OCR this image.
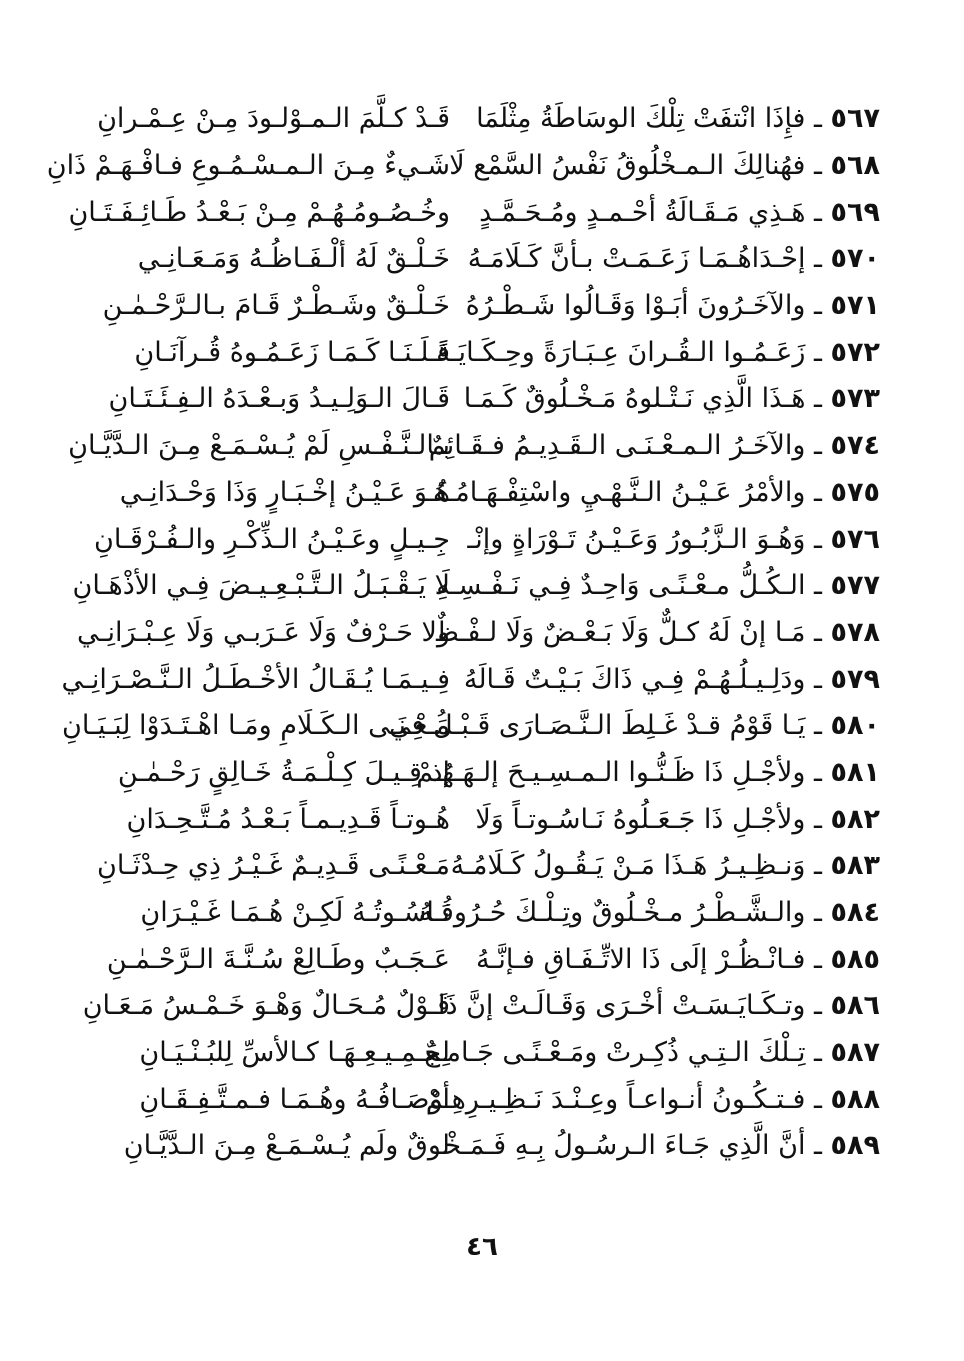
٥٦٧ ـ فإِذَا انْتفَتْ تِلْكَ الوسَاطَةُ مِثْلَمَا
قَـدْ كـلَّمَ الـمـوْلـودَ مِـنْ عِـمْـرانِ
٥٦٨ ـ فهُنالِكَ الـمـخْلُوقُ نَفْسُ السَّمْع لَا
شَـيءٌ مِـنَ الـمـسْـمُـوعِ فـافْـهَـمْ ذَانِ
٥٦٩ ـ هَـذِي مَـقَـالَةُ أحْـمـدٍ ومُـحَـمَّـدٍ
وخُـصُـومُـهُـمْ مِـنْ بَـعْـدُ طَـائِـفَـتَـانِ
٥٧٠ ـ إحْـدَاهُـمَـا زَعَـمَـتْ بـأنَّ كَـلَامَـهُ
خَـلْـقٌ لَهُ ألْـفَـاظُـهُ وَمَـعَـانِـي
٥٧١ ـ والآخَـرُونَ أبَـوْا وَقَـالُوا شَـطْـرُهُ
خَـلْـقٌ وشَـطْـرٌ قَـامَ بـالـرَّحْـمٰـنِ
٥٧٢ ـ زَعَـمُـوا الـقُـرانَ عِـبَـارَةً وحِـكَـايَـةً
فَـلَـنَـا كَـمَـا زَعَـمُـوهُ قُـرآنَـانِ
٥٧٣ ـ هَـذَا الَّذِي نَـتْـلوهُ مَـخْـلُوقٌ كَـمَـا
قَـالَ الـوَلِـيـدُ وَبـعْـدَهُ الـفِـئَـتَـانِ
٥٧٤ ـ والآخَـرُ الـمـعْـنَـى الـقَـدِيـمُ فـقَـائِمٌ
بـالـنَّـفْـسِ لَمْ يُـسْـمَـعْ مِـنَ الـدَّيَّـانِ
٥٧٥ ـ والأمْرُ عَـيْـنُ الـنَّـهْـيِ واسْتِفْـهَـامُـهُ
هُـوَ عَـيْـنُ إخْـبَـارٍ وَذَا وَحْـدَانِـي
٥٧٦ ـ وَهُـوَ الـزَّبُـورُ وَعَـيْـنُ تَـوْرَاةٍ وإنْـ
جِـيـلٍ وعَـيْـنُ الـذِّكْـرِ والـفُـرْقَـانِ
٥٧٧ ـ الـكُـلُّ مـعْـنًـى وَاحِـدٌ فِـي نَـفْـسِـهِ
لَا يَـقْـبَـلُ الـتَّـبْـعِـيـضَ فِـي الأذْهَـانِ
٥٧٨ ـ مَـا إنْ لَهُ كـلٌّ وَلَا بَـعْـضٌ وَلَا لـفْـظٌ
ولا حَـرْفٌ وَلَا عَـرَبـي وَلَا عِـبْـرَانِـي
٥٧٩ ـ ودَلِـيـلُـهُـمْ فِـي ذَاكَ بَـيْـتٌ قَـالَهُ
فِـيـمَـا يُـقَـالُ الأخْـطَـلُ الـنَّـصْـرَانِـي
٥٨٠ ـ يَـا قَوْمُ قـدْ غَـلِطَ الـنَّـصَـارَى قَـبْـلُ فِي
مَـعْـنَـى الـكَـلَامِ ومَـا اهْـتَـدَوْا لِبَـيَـانِ
٥٨١ ـ ولأجْـلِ ذَا ظَـنُّـوا الـمـسِـيـحَ إلـهَـهُـمْ
إذ قِـيـلَ كِـلْـمَـةُ خَـالِقٍ رَحْـمٰـنِ
٥٨٢ ـ ولأجْـلِ ذَا جَـعَـلُوهُ نَـاسُـوتـاً وَلَا
هُـوتـاً قَـدِيـمـاً بَـعْـدُ مُـتَّـحِـدَانِ
٥٨٣ ـ وَنـظِـيـرُ هَـذَا مَـنْ يَـقُـولُ كَـلَامُـهُ
مَـعْـنًـى قَـدِيـمٌ غَـيْـرُ ذِي حِـدْثَـانِ
٥٨٤ ـ والـشَّـطْـرُ مـخْـلُوقٌ وتِـلْـكَ حُـرُوفُـهُ
نَـاسُـوتُـهُ لَكِـنْ هُـمَـا غَـيْـرَانِ
٥٨٥ ـ فـانْـظُـرْ إلَى ذَا الاتِّـفَـاقِ فـإنَّـهُ
عَـجَـبٌ وطَـالِعْ سُـنَّـةَ الـرَّحْـمٰـنِ
٥٨٦ ـ وتـكَـايَـسَـتْ أخْـرَى وَقَـالَـتْ إنَّ ذَا
قَـوْلٌ مُـحَـالٌ وَهْـوَ خَـمْـسُ مَـعَـانِ
٥٨٧ ـ تِـلْكَ الـتِـي ذُكِـرتْ ومَـعْـنًـى جَـامـعٌ
لِجَـمِـيـعِـهَـا كـالأسِّ لِلبُـنْـيَـانِ
٥٨٨ ـ فـتـكُـونُ أنـواعـاً وعِـنْـدَ نَـظِـيـرِهِـمْ
أوْصَـافُـهُ وهُـمَـا فـمـتَّـفِـقَـانِ
٥٨٩ ـ أنَّ الَّذِي جَـاءَ الـرسُـولُ بِـهِ فَـمَـخْـ
لوقٌ ولَم يُـسْـمَـعْ مِـنَ الـدَّيَّـانِ
٤٦
